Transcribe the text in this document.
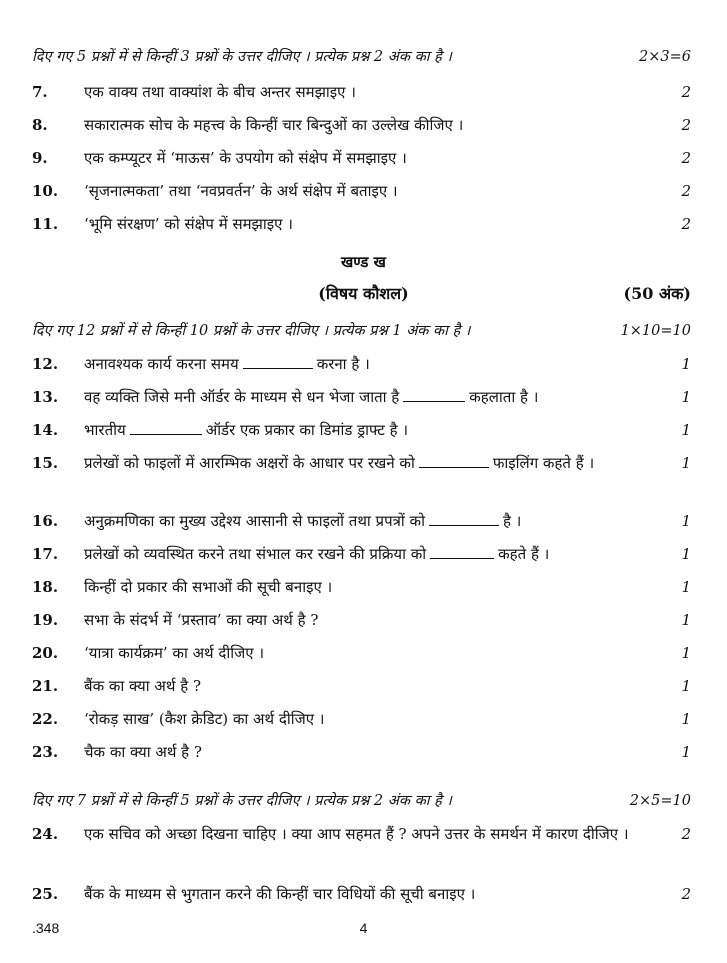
दिए गए 5 प्रश्नों में से किन्हीं 3 प्रश्नों के उत्तर दीजिए । प्रत्येक प्रश्न 2 अंक का है ।	2×3=6
7.	एक वाक्य तथा वाक्यांश के बीच अन्तर समझाइए ।	2
8.	सकारात्मक सोच के महत्त्व के किन्हीं चार बिन्दुओं का उल्लेख कीजिए ।	2
9.	एक कम्प्यूटर में ‘माऊस’ के उपयोग को संक्षेप में समझाइए ।	2
10.	‘सृजनात्मकता’ तथा ‘नवप्रवर्तन’ के अर्थ संक्षेप में बताइए ।	2
11.	‘भूमि संरक्षण’ को संक्षेप में समझाइए ।	2
खण्ड ख
(विषय कौशल)	(50 अंक)
दिए गए 12 प्रश्नों में से किन्हीं 10 प्रश्नों के उत्तर दीजिए । प्रत्येक प्रश्न 1 अंक का है ।	1×10=10
12.	अनावश्यक कार्य करना समय	करना है ।	1
13.	वह व्यक्ति जिसे मनी ऑर्डर के माध्यम से धन भेजा जाता है	कहलाता है ।	1
14.	भारतीय	ऑर्डर एक प्रकार का डिमांड ड्राफ्ट है ।	1
15.	प्रलेखों को फाइलों में आरम्भिक अक्षरों के आधार पर रखने को	फाइलिंग कहते हैं ।	1
16.	अनुक्रमणिका का मुख्य उद्देश्य आसानी से फाइलों तथा प्रपत्रों को	है ।	1
17.	प्रलेखों को व्यवस्थित करने तथा संभाल कर रखने की प्रक्रिया को	कहते हैं ।	1
18.	किन्हीं दो प्रकार की सभाओं की सूची बनाइए ।	1
19.	सभा के संदर्भ में ‘प्रस्ताव’ का क्या अर्थ है ?	1
20.	‘यात्रा कार्यक्रम’ का अर्थ दीजिए ।	1
21.	बैंक का क्या अर्थ है ?	1
22.	‘रोकड़ साख’ (कैश क्रेडिट) का अर्थ दीजिए ।	1
23.	चैक का क्या अर्थ है ?	1
दिए गए 7 प्रश्नों में से किन्हीं 5 प्रश्नों के उत्तर दीजिए । प्रत्येक प्रश्न 2 अंक का है ।	2×5=10
24.	एक सचिव को अच्छा दिखना चाहिए । क्या आप सहमत हैं ? अपने उत्तर के समर्थन में कारण दीजिए ।	2
25.	बैंक के माध्यम से भुगतान करने की किन्हीं चार विधियों की सूची बनाइए ।	2
.348	4
